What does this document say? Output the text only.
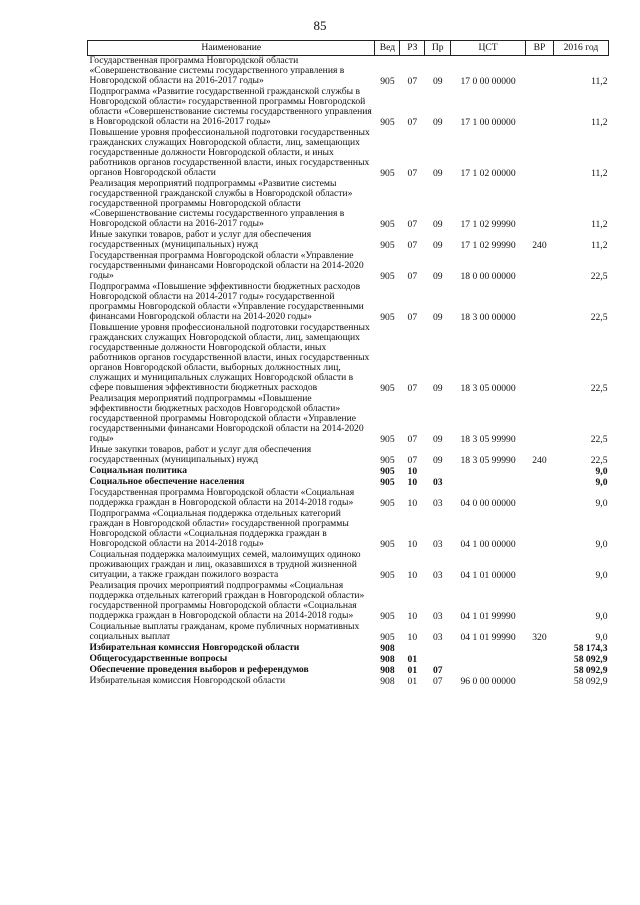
85
Наименование	Вед	РЗ	Пр	ЦСТ	ВР	2016 год
Государственная программа Новгородской области «Совершенствование системы государственного управления в Новгородской области на 2016-2017 годы»	905	07	09	17 0 00 00000		11,2
Подпрограмма «Развитие государственной гражданской службы в Новгородской области» государственной программы Новгородской области «Совершенствование системы государственного управления в Новгородской области на 2016-2017 годы»	905	07	09	17 1 00 00000		11,2
Повышение уровня профессиональной подготовки государственных гражданских служащих Новгородской области, лиц, замещающих государственные должности Новгородской области, и иных работников органов государственной власти, иных государственных органов Новгородской области	905	07	09	17 1 02 00000		11,2
Реализация мероприятий подпрограммы «Развитие системы государственной гражданской службы в Новгородской области» государственной программы Новгородской области «Совершенствование системы государственного управления в Новгородской области на 2016-2017 годы»	905	07	09	17 1 02 99990		11,2
Иные закупки товаров, работ и услуг для обеспечения государственных (муниципальных) нужд	905	07	09	17 1 02 99990	240	11,2
Государственная программа Новгородской области «Управление государственными финансами Новгородской области на 2014-2020 годы»	905	07	09	18 0 00 00000		22,5
Подпрограмма «Повышение эффективности бюджетных расходов Новгородской области на 2014-2017 годы» государственной программы Новгородской области «Управление государственными финансами Новгородской области на 2014-2020 годы»	905	07	09	18 3 00 00000		22,5
Повышение уровня профессиональной подготовки государственных гражданских служащих Новгородской области, лиц, замещающих государственные должности Новгородской области, иных работников органов государственной власти, иных государственных органов Новгородской области, выборных должностных лиц, служащих и муниципальных служащих Новгородской области в сфере повышения эффективности бюджетных расходов	905	07	09	18 3 05 00000		22,5
Реализация мероприятий подпрограммы «Повышение эффективности бюджетных расходов Новгородской области» государственной программы Новгородской области «Управление государственными финансами Новгородской области на 2014-2020 годы»	905	07	09	18 3 05 99990		22,5
Иные закупки товаров, работ и услуг для обеспечения государственных (муниципальных) нужд	905	07	09	18 3 05 99990	240	22,5
Социальная политика	905	10				9,0
Социальное обеспечение населения	905	10	03			9,0
Государственная программа Новгородской области «Социальная поддержка граждан в Новгородской области на 2014-2018 годы»	905	10	03	04 0 00 00000		9,0
Подпрограмма «Социальная поддержка отдельных категорий граждан в Новгородской области» государственной программы Новгородской области «Социальная поддержка граждан в Новгородской области на 2014-2018 годы»	905	10	03	04 1 00 00000		9,0
Социальная поддержка малоимущих семей, малоимущих одиноко проживающих граждан и лиц, оказавшихся в трудной жизненной ситуации, а также граждан пожилого возраста	905	10	03	04 1 01 00000		9,0
Реализация прочих мероприятий подпрограммы «Социальная поддержка отдельных категорий граждан в Новгородской области» государственной программы Новгородской области «Социальная поддержка граждан в Новгородской области на 2014-2018 годы»	905	10	03	04 1 01 99990		9,0
Социальные выплаты гражданам, кроме публичных нормативных социальных выплат	905	10	03	04 1 01 99990	320	9,0
Избирательная комиссия Новгородской области	908					58 174,3
Общегосударственные вопросы	908	01				58 092,9
Обеспечение проведения выборов и референдумов	908	01	07			58 092,9
Избирательная комиссия Новгородской области	908	01	07	96 0 00 00000		58 092,9
